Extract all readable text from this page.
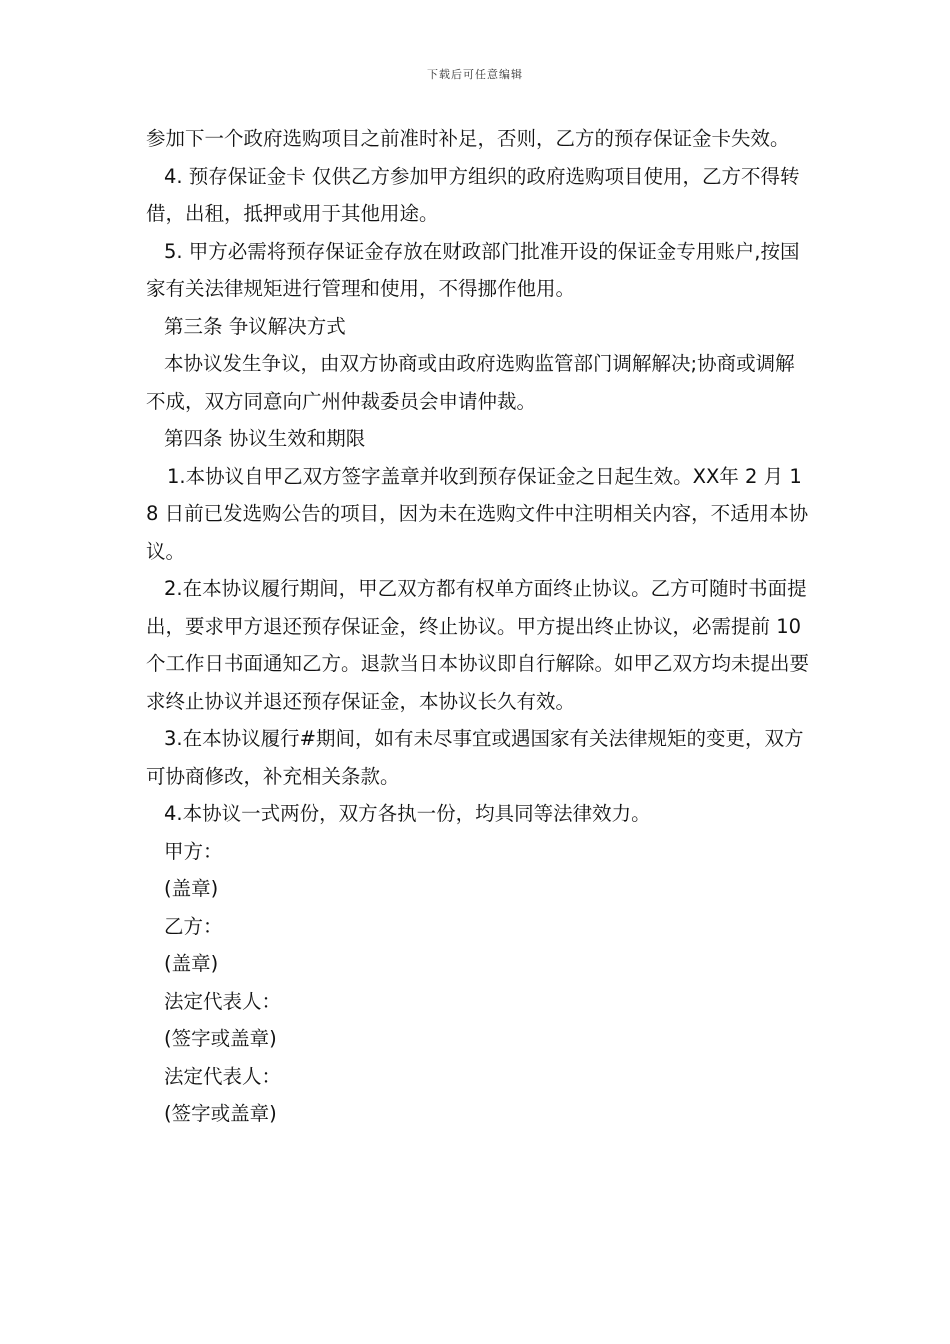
下载后可任意编辑

参加下一个政府选购项目之前准时补足，否则，乙方的预存保证金卡失效。

4. 预存保证金卡 仅供乙方参加甲方组织的政府选购项目使用，乙方不得转借，出租，抵押或用于其他用途。

5. 甲方必需将预存保证金存放在财政部门批准开设的保证金专用账户,按国家有关法律规矩进行管理和使用，不得挪作他用。

第三条 争议解决方式

本协议发生争议，由双方协商或由政府选购监管部门调解解决;协商或调解不成，双方同意向广州仲裁委员会申请仲裁。

第四条 协议生效和期限

1.本协议自甲乙双方签字盖章并收到预存保证金之日起生效。XX年 2 月 18 日前已发选购公告的项目，因为未在选购文件中注明相关内容，不适用本协议。

2.在本协议履行期间，甲乙双方都有权单方面终止协议。乙方可随时书面提出，要求甲方退还预存保证金，终止协议。甲方提出终止协议，必需提前 10 个工作日书面通知乙方。退款当日本协议即自行解除。如甲乙双方均未提出要求终止协议并退还预存保证金，本协议长久有效。

3.在本协议履行#期间，如有未尽事宜或遇国家有关法律规矩的变更，双方可协商修改，补充相关条款。

4.本协议一式两份，双方各执一份，均具同等法律效力。

甲方：

(盖章)

乙方：

(盖章)

法定代表人：

(签字或盖章)

法定代表人：

(签字或盖章)
